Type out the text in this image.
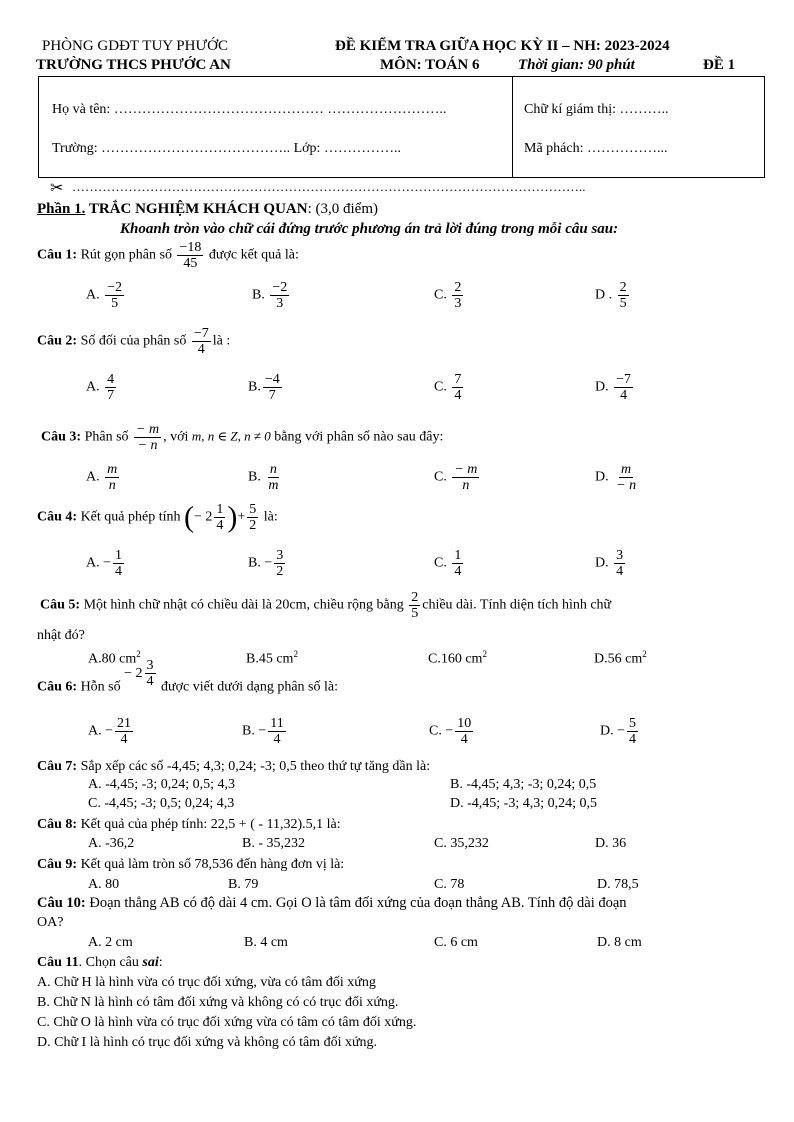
PHÒNG GDĐT TUY PHƯỚC
TRƯỜNG THCS PHƯỚC AN
ĐỀ KIỂM TRA GIỮA HỌC KỲ II – NH: 2023-2024
MÔN: TOÁN 6	Thời gian: 90 phút	ĐỀ 1
Họ và tên: ……………………………………… ……………………..	Chữ kí giám thị: ………..
Trường: ………………………………….. Lớp: ……………..	Mã phách: ……………...
✂ ………………………………………………………………………………………………………..
Phần 1. TRẮC NGHIỆM KHÁCH QUAN: (3,0 điểm)
Khoanh tròn vào chữ cái đứng trước phương án trả lời đúng trong mỗi câu sau:
Câu 1: Rút gọn phân số $\frac{-18}{45}$ được kết quả là:
A. $\frac{-2}{5}$	B. $\frac{-2}{3}$	C. $\frac{2}{3}$	D . $\frac{2}{5}$
Câu 2: Số đối của phân số $\frac{-7}{4}$ là :
A. $\frac{4}{7}$	B. $\frac{-4}{7}$	C. $\frac{7}{4}$	D. $\frac{-7}{4}$
Câu 3: Phân số $\frac{- m}{- n}$ , với m, n ∈ Z, n ≠ 0 bằng với phân số nào sau đây:
A. $\frac{m}{n}$	B. $\frac{n}{m}$	C. $\frac{- m}{n}$	D. $\frac{m}{- n}$
Câu 4: Kết quả phép tính (− $2 \frac{1}{4}$ )+ $\frac{5}{2}$ là:
A. − $\frac{1}{4}$	B. − $\frac{3}{2}$	C. $\frac{1}{4}$	D. $\frac{3}{4}$
Câu 5: Một hình chữ nhật có chiều dài là 20cm, chiều rộng bằng $\frac{2}{5}$ chiều dài. Tính diện tích hình chữ
nhật đó?
A.80 $cm^2$	B.45 $cm^2$	C.160 $cm^2$	D.56 $cm^2$
Câu 6: Hỗn số − $2 \frac{3}{4}$ được viết dưới dạng phân số là:
A. − $\frac{21}{4}$	B. − $\frac{11}{4}$	C. − $\frac{10}{4}$	D. − $\frac{5}{4}$
Câu 7: Sắp xếp các số -4,45; 4,3; 0,24; -3; 0,5 theo thứ tự tăng dần là:
A. -4,45; -3; 0,24; 0,5; 4,3	B. -4,45; 4,3; -3; 0,24; 0,5
C. -4,45; -3; 0,5; 0,24; 4,3	D. -4,45; -3; 4,3; 0,24; 0,5
Câu 8: Kết quả của phép tính: 22,5 + ( - 11,32).5,1 là:
A. -36,2	B. - 35,232	C. 35,232	D. 36
Câu 9: Kết quả làm tròn số 78,536 đến hàng đơn vị là:
A. 80	B. 79	C. 78	D. 78,5
Câu 10: Đoạn thẳng AB có độ dài 4 cm. Gọi O là tâm đối xứng của đoạn thẳng AB. Tính độ dài đoạn
OA?
A. 2 cm	B. 4 cm	C. 6 cm	D. 8 cm
Câu 11. Chọn câu sai:
A. Chữ H là hình vừa có trục đối xứng, vừa có tâm đối xứng
B. Chữ N là hình có tâm đối xứng và không có có trục đối xứng.
C. Chữ O là hình vừa có trục đối xứng vừa có tâm có tâm đối xứng.
D. Chữ I là hình có trục đối xứng và không có tâm đối xứng.
